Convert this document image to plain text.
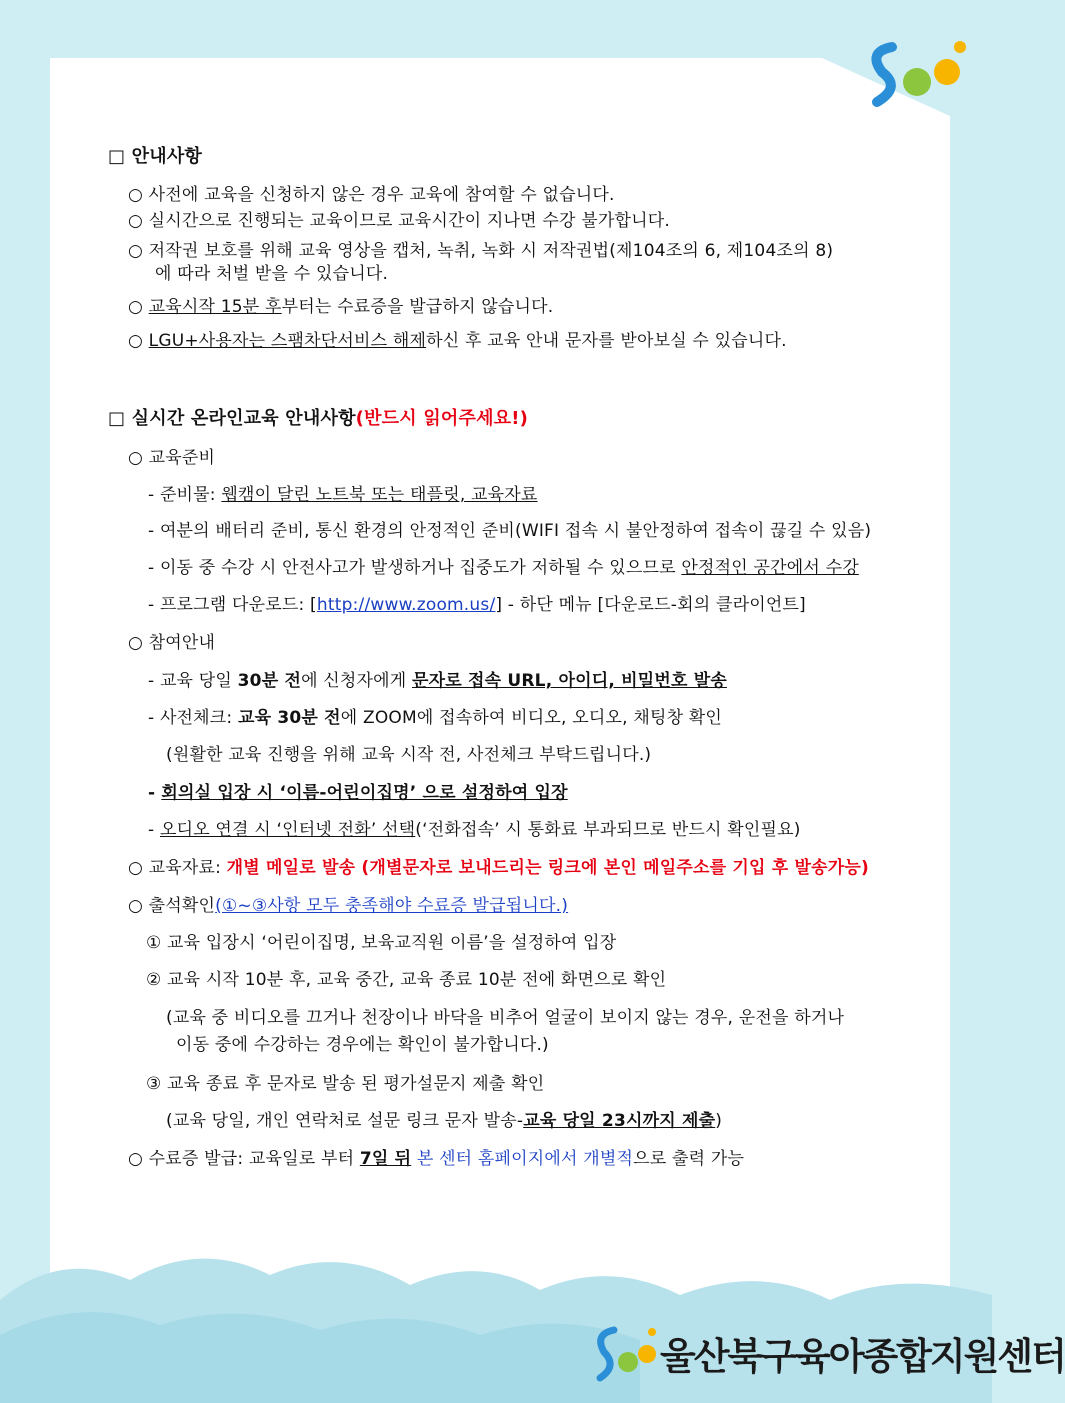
울산북구육아종합지원센터
□ 안내사항
○ 사전에 교육을 신청하지 않은 경우 교육에 참여할 수 없습니다.
○ 실시간으로 진행되는 교육이므로 교육시간이 지나면 수강 불가합니다.
○ 저작권 보호를 위해 교육 영상을 캡처, 녹취, 녹화 시 저작권법(제104조의 6, 제104조의 8)
에 따라 처벌 받을 수 있습니다.
○ 교육시작 15분 후부터는 수료증을 발급하지 않습니다.
○ LGU+사용자는 스팸차단서비스 해제하신 후 교육 안내 문자를 받아보실 수 있습니다.
□ 실시간 온라인교육 안내사항(반드시 읽어주세요!)
○ 교육준비
- 준비물: 웹캠이 달린 노트북 또는 태플릿, 교육자료
- 여분의 배터리 준비, 통신 환경의 안정적인 준비(WIFI 접속 시 불안정하여 접속이 끊길 수 있음)
- 이동 중 수강 시 안전사고가 발생하거나 집중도가 저하될 수 있으므로 안정적인 공간에서 수강
- 프로그램 다운로드: [http://www.zoom.us/] - 하단 메뉴 [다운로드-회의 클라이언트]
○ 참여안내
- 교육 당일 30분 전에 신청자에게 문자로 접속 URL, 아이디, 비밀번호 발송
- 사전체크: 교육 30분 전에 ZOOM에 접속하여 비디오, 오디오, 채팅창 확인
(원활한 교육 진행을 위해 교육 시작 전, 사전체크 부탁드립니다.)
- 회의실 입장 시 ‘이름-어린이집명’ 으로 설정하여 입장
- 오디오 연결 시 ‘인터넷 전화’ 선택(‘전화접속’ 시 통화료 부과되므로 반드시 확인필요)
○ 교육자료: 개별 메일로 발송 (개별문자로 보내드리는 링크에 본인 메일주소를 기입 후 발송가능)
○ 출석확인(①~③사항 모두 충족해야 수료증 발급됩니다.)
① 교육 입장시 ‘어린이집명, 보육교직원 이름’을 설정하여 입장
② 교육 시작 10분 후, 교육 중간, 교육 종료 10분 전에 화면으로 확인
(교육 중 비디오를 끄거나 천장이나 바닥을 비추어 얼굴이 보이지 않는 경우, 운전을 하거나
이동 중에 수강하는 경우에는 확인이 불가합니다.)
③ 교육 종료 후 문자로 발송 된 평가설문지 제출 확인
(교육 당일, 개인 연락처로 설문 링크 문자 발송-교육 당일 23시까지 제출)
○ 수료증 발급: 교육일로 부터 7일 뒤 본 센터 홈페이지에서 개별적으로 출력 가능
